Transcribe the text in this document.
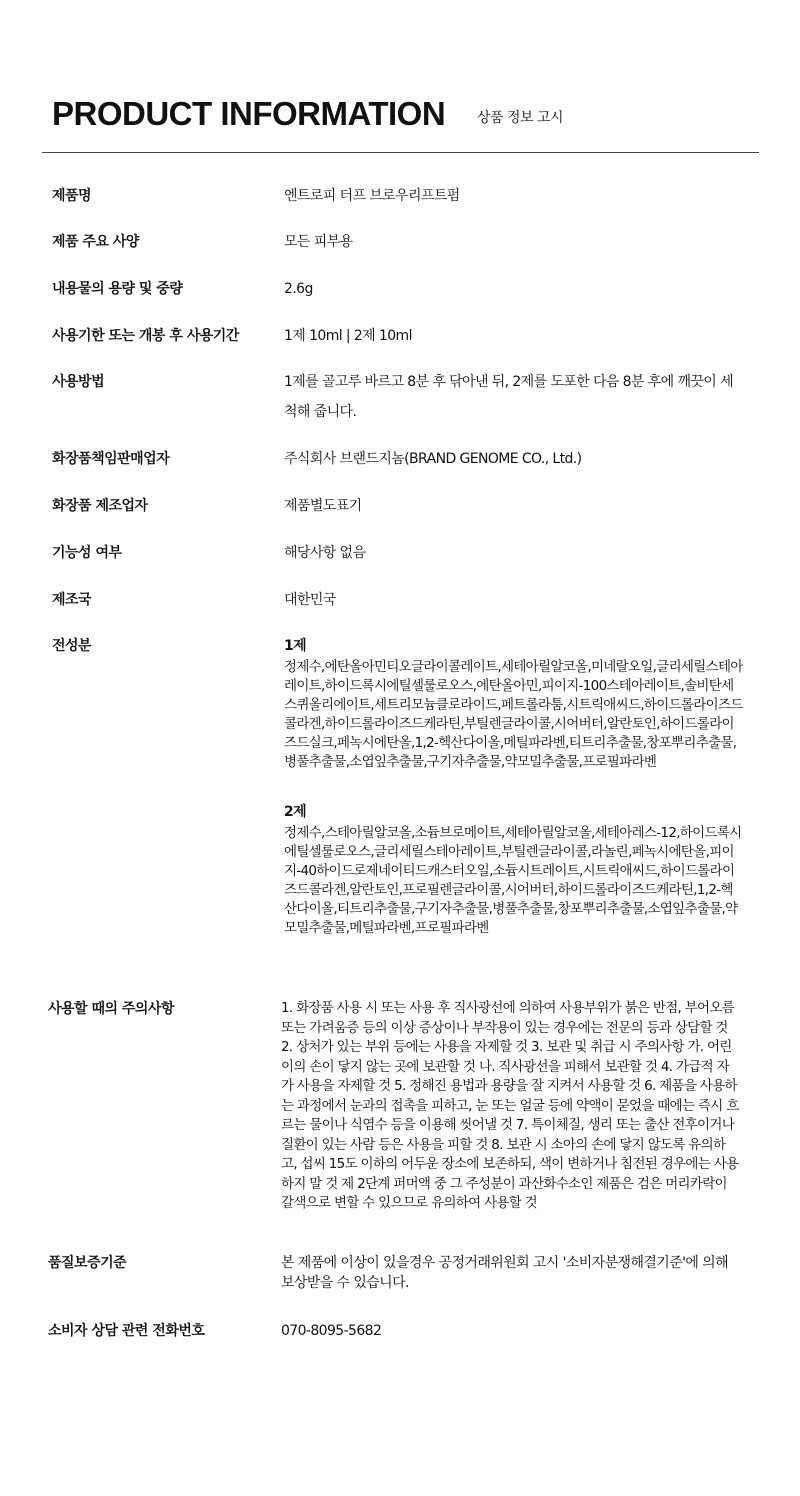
PRODUCT INFORMATION 상품 정보 고시
제품명	엔트로피 터프 브로우리프트펌
제품 주요 사양	모든 피부용
내용물의 용량 및 중량	2.6g
사용기한 또는 개봉 후 사용기간	1제 10ml | 2제 10ml
사용방법	1제를 골고루 바르고 8분 후 닦아낸 뒤, 2제를 도포한 다음 8분 후에 깨끗이 세척해 줍니다.
화장품책임판매업자	주식회사 브랜드지놈(BRAND GENOME CO., Ltd.)
화장품 제조업자	제품별도표기
기능성 여부	해당사항 없음
제조국	대한민국
전성분	1제
정제수,에탄올아민티오글라이콜레이트,세테아릴알코올,미네랄오일,글리세릴스테아레이트,하이드록시에틸셀룰로오스,에탄올아민,피이지-100스테아레이트,솔비탄세스퀴올리에이트,세트리모늄클로라이드,페트롤라툼,시트릭애씨드,하이드롤라이즈드콜라겐,하이드롤라이즈드케라틴,부틸렌글라이콜,시어버터,알란토인,하이드롤라이즈드실크,페녹시에탄올,1,2-헥산다이올,메틸파라벤,티트리추출물,창포뿌리추출물,병풀추출물,소엽잎추출물,구기자추출물,약모밀추출물,프로필파라벤
2제
정제수,스테아릴알코올,소듐브로메이트,세테아릴알코올,세테아레스-12,하이드록시에틸셀룰로오스,글리세릴스테아레이트,부틸렌글라이콜,라놀린,페녹시에탄올,피이지-40하이드로제네이티드캐스터오일,소듐시트레이트,시트릭애씨드,하이드롤라이즈드콜라겐,알란토인,프로필렌글라이콜,시어버터,하이드롤라이즈드케라틴,1,2-헥산다이올,티트리추출물,구기자추출물,병풀추출물,창포뿌리추출물,소엽잎추출물,약모밀추출물,메틸파라벤,프로필파라벤
사용할 때의 주의사항	1. 화장품 사용 시 또는 사용 후 직사광선에 의하여 사용부위가 붉은 반점, 부어오름 또는 가려움증 등의 이상 증상이나 부작용이 있는 경우에는 전문의 등과 상담할 것 2. 상처가 있는 부위 등에는 사용을 자제할 것 3. 보관 및 취급 시 주의사항 가. 어린이의 손이 닿지 않는 곳에 보관할 것 나. 직사광선을 피해서 보관할 것 4. 가급적 자가 사용을 자제할 것 5. 정해진 용법과 용량을 잘 지켜서 사용할 것 6. 제품을 사용하는 과정에서 눈과의 접촉을 피하고, 눈 또는 얼굴 등에 약액이 묻었을 때에는 즉시 흐르는 물이나 식염수 등을 이용해 씻어낼 것 7. 특이체질, 생리 또는 출산 전후이거나 질환이 있는 사람 등은 사용을 피할 것 8. 보관 시 소아의 손에 닿지 않도록 유의하고, 섭씨 15도 이하의 어두운 장소에 보존하되, 색이 변하거나 침전된 경우에는 사용하지 말 것 제 2단계 퍼머액 중 그 주성분이 과산화수소인 제품은 검은 머리카락이 갈색으로 변할 수 있으므로 유의하여 사용할 것
품질보증기준	본 제품에 이상이 있을경우 공정거래위원회 고시 '소비자분쟁해결기준'에 의해 보상받을 수 있습니다.
소비자 상담 관련 전화번호	070-8095-5682
